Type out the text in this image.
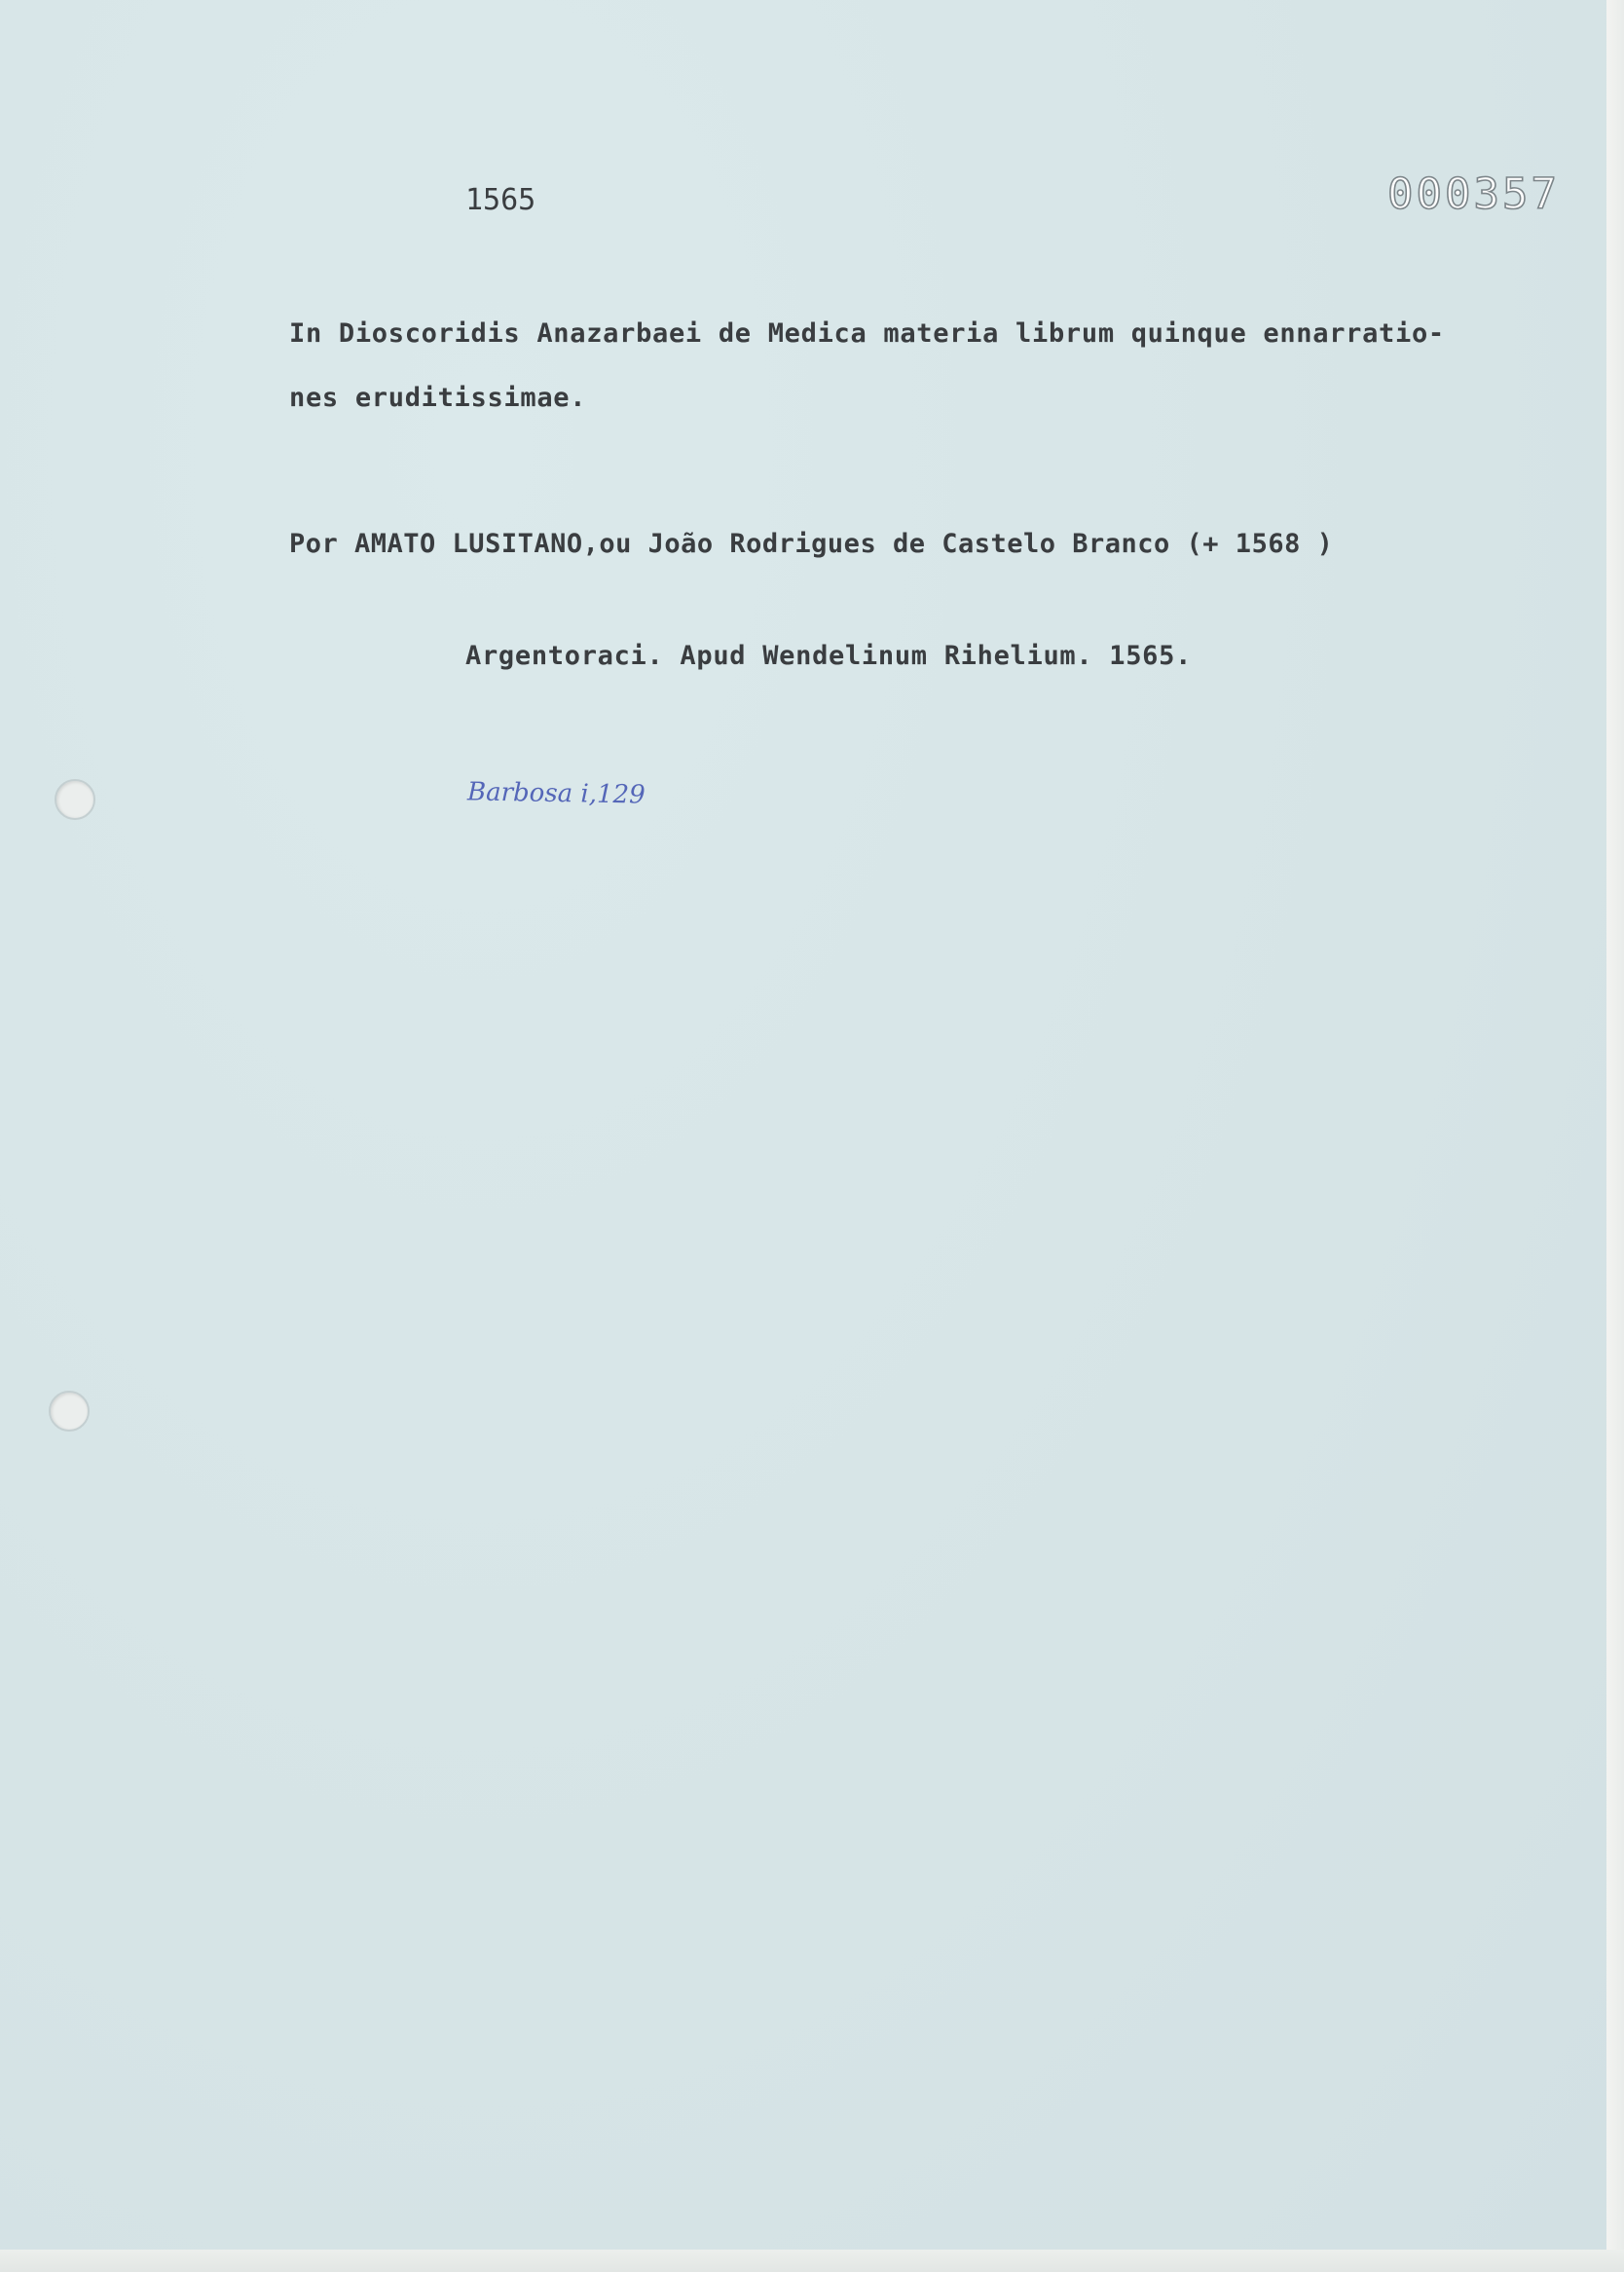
1565	000357
In Dioscoridis Anazarbaei de Medica materia librum quinque ennarratio-
nes eruditissimae.
Por AMATO LUSITANO,ou João Rodrigues de Castelo Branco (+ 1568 )
Argentoraci. Apud Wendelinum Rihelium. 1565.
Barbosa i,129
